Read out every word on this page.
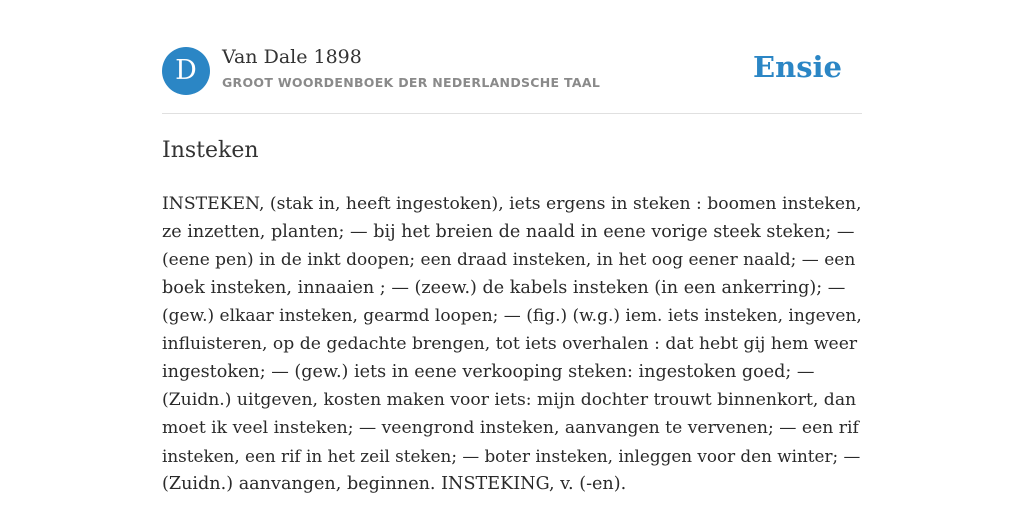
D	Van Dale 1898
GROOT WOORDENBOEK DER NEDERLANDSCHE TAAL	Ensie
Insteken

INSTEKEN, (stak in, heeft ingestoken), iets ergens in steken : boomen insteken,
ze inzetten, planten; — bij het breien de naald in eene vorige steek steken; —
(eene pen) in de inkt doopen; een draad insteken, in het oog eener naald; — een
boek insteken, innaaien ; — (zeew.) de kabels insteken (in een ankerring); —
(gew.) elkaar insteken, gearmd loopen; — (fig.) (w.g.) iem. iets insteken, ingeven,
influisteren, op de gedachte brengen, tot iets overhalen : dat hebt gij hem weer
ingestoken; — (gew.) iets in eene verkooping steken: ingestoken goed; —
(Zuidn.) uitgeven, kosten maken voor iets: mijn dochter trouwt binnenkort, dan
moet ik veel insteken; — veengrond insteken, aanvangen te vervenen; — een rif
insteken, een rif in het zeil steken; — boter insteken, inleggen voor den winter; —
(Zuidn.) aanvangen, beginnen. INSTEKING, v. (-en).
